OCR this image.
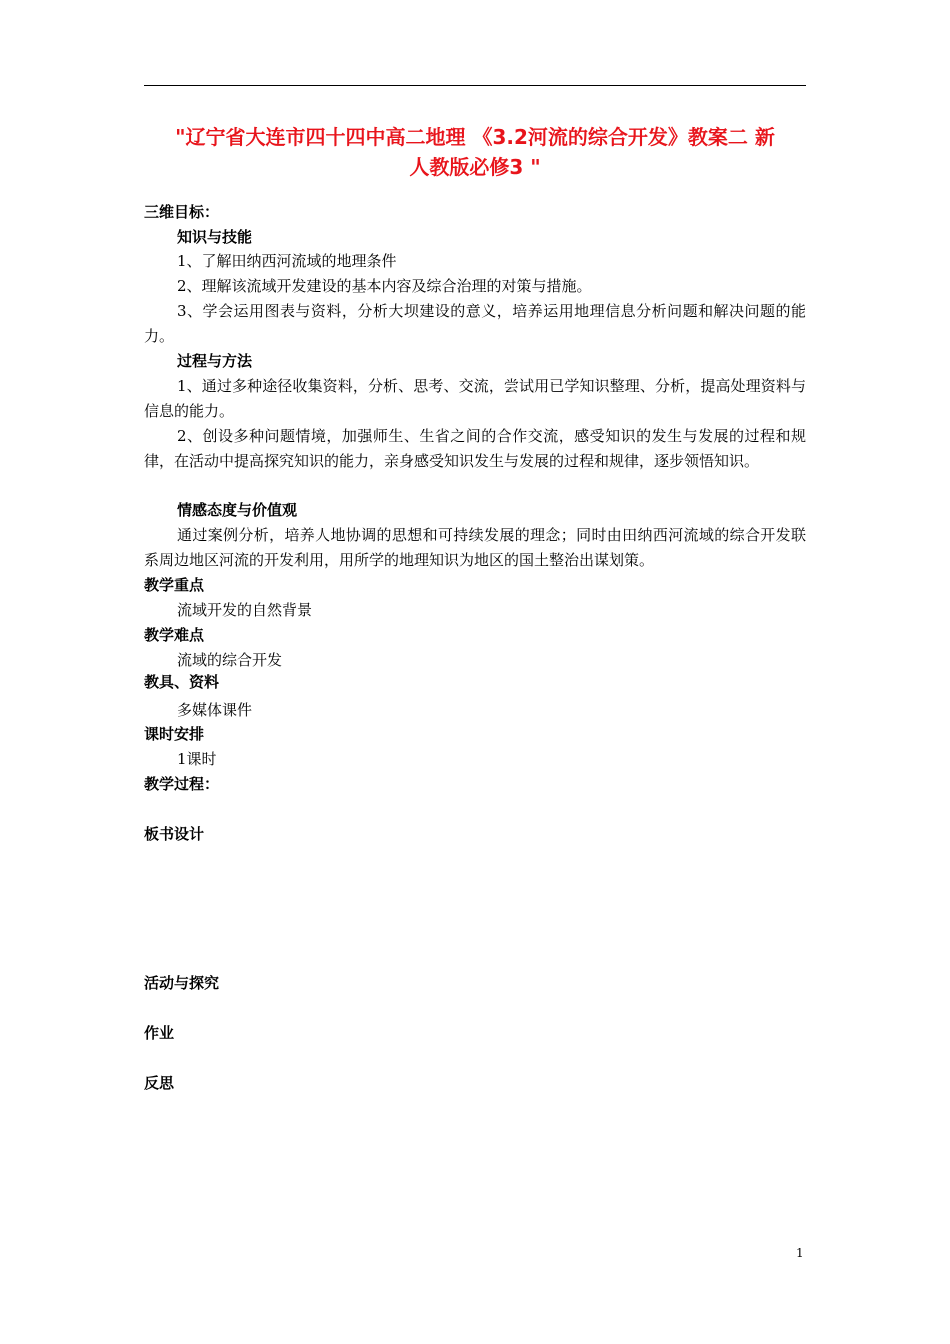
"辽宁省大连市四十四中高二地理 《3.2河流的综合开发》教案二 新
人教版必修3 "
三维目标：
知识与技能
1、了解田纳西河流域的地理条件
2、理解该流域开发建设的基本内容及综合治理的对策与措施。
3、学会运用图表与资料，分析大坝建设的意义，培养运用地理信息分析问题和解决问题的能力。
过程与方法
1、通过多种途径收集资料，分析、思考、交流，尝试用已学知识整理、分析，提高处理资料与信息的能力。
2、创设多种问题情境，加强师生、生省之间的合作交流，感受知识的发生与发展的过程和规律，在活动中提高探究知识的能力，亲身感受知识发生与发展的过程和规律，逐步领悟知识。
情感态度与价值观
通过案例分析，培养人地协调的思想和可持续发展的理念；同时由田纳西河流域的综合开发联系周边地区河流的开发利用，用所学的地理知识为地区的国土整治出谋划策。
教学重点
流域开发的自然背景
教学难点
流域的综合开发
教具、资料
多媒体课件
课时安排
1课时
教学过程：
板书设计
活动与探究
作业
反思
1
